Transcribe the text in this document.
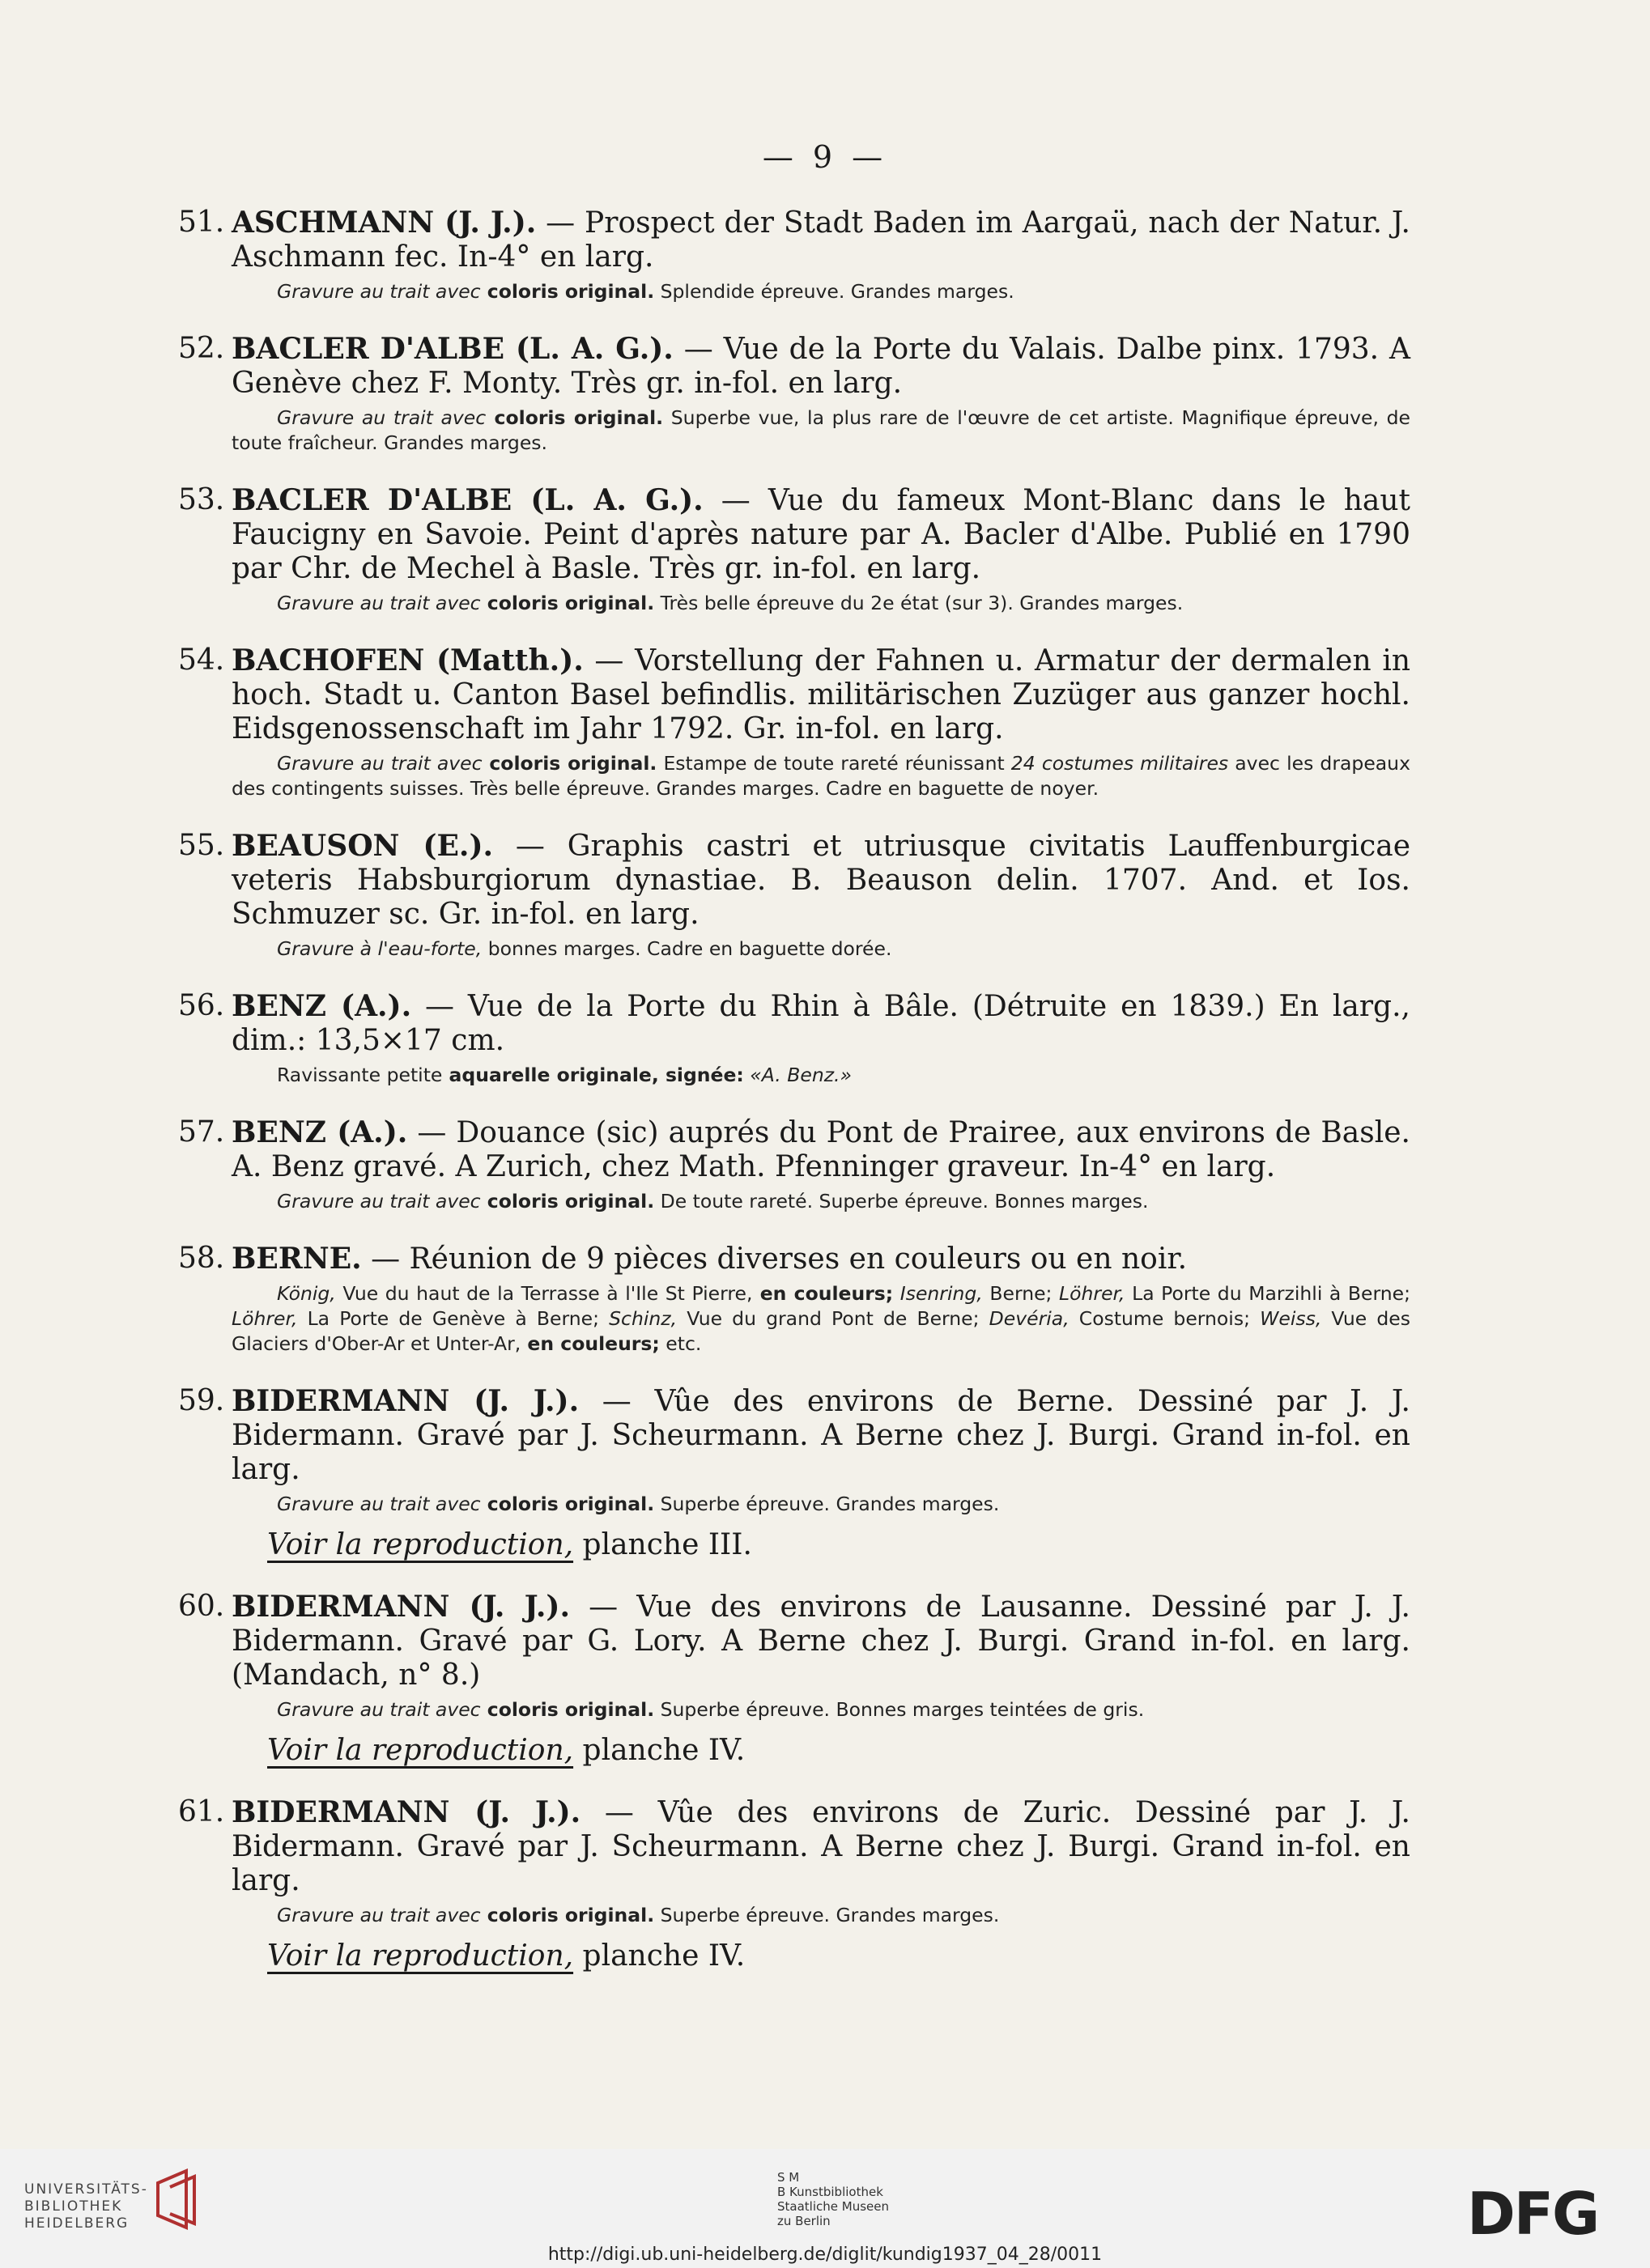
— 9 —
51. ASCHMANN (J. J.). — Prospect der Stadt Baden im Aargaü, nach der Natur. J. Aschmann fec. In-4° en larg.
Gravure au trait avec coloris original. Splendide épreuve. Grandes marges.
52. BACLER D'ALBE (L. A. G.). — Vue de la Porte du Valais. Dalbe pinx. 1793. A Genève chez F. Monty. Très gr. in-fol. en larg.
Gravure au trait avec coloris original. Superbe vue, la plus rare de l'œuvre de cet artiste. Magnifique épreuve, de toute fraîcheur. Grandes marges.
53. BACLER D'ALBE (L. A. G.). — Vue du fameux Mont-Blanc dans le haut Faucigny en Savoie. Peint d'après nature par A. Bacler d'Albe. Publié en 1790 par Chr. de Mechel à Basle. Très gr. in-fol. en larg.
Gravure au trait avec coloris original. Très belle épreuve du 2e état (sur 3). Grandes marges.
54. BACHOFEN (Matth.). — Vorstellung der Fahnen u. Armatur der dermalen in hoch. Stadt u. Canton Basel befindlis. militärischen Zuzüger aus ganzer hochl. Eidsgenossenschaft im Jahr 1792. Gr. in-fol. en larg.
Gravure au trait avec coloris original. Estampe de toute rareté réunissant 24 costumes militaires avec les drapeaux des contingents suisses. Très belle épreuve. Grandes marges. Cadre en baguette de noyer.
55. BEAUSON (E.). — Graphis castri et utriusque civitatis Lauffenburgicae veteris Habsburgiorum dynastiae. B. Beauson delin. 1707. And. et Ios. Schmuzer sc. Gr. in-fol. en larg.
Gravure à l'eau-forte, bonnes marges. Cadre en baguette dorée.
56. BENZ (A.). — Vue de la Porte du Rhin à Bâle. (Détruite en 1839.) En larg., dim.: 13,5×17 cm.
Ravissante petite aquarelle originale, signée: «A. Benz.»
57. BENZ (A.). — Douance (sic) auprés du Pont de Prairee, aux environs de Basle. A. Benz gravé. A Zurich, chez Math. Pfenninger graveur. In-4° en larg.
Gravure au trait avec coloris original. De toute rareté. Superbe épreuve. Bonnes marges.
58. BERNE. — Réunion de 9 pièces diverses en couleurs ou en noir.
König, Vue du haut de la Terrasse à l'Ile St Pierre, en couleurs; Isenring, Berne; Löhrer, La Porte du Marzihli à Berne; Löhrer, La Porte de Genève à Berne; Schinz, Vue du grand Pont de Berne; Devéria, Costume bernois; Weiss, Vue des Glaciers d'Ober-Ar et Unter-Ar, en couleurs; etc.
59. BIDERMANN (J. J.). — Vûe des environs de Berne. Dessiné par J. J. Bidermann. Gravé par J. Scheurmann. A Berne chez J. Burgi. Grand in-fol. en larg.
Gravure au trait avec coloris original. Superbe épreuve. Grandes marges.
Voir la reproduction, planche III.
60. BIDERMANN (J. J.). — Vue des environs de Lausanne. Dessiné par J. J. Bidermann. Gravé par G. Lory. A Berne chez J. Burgi. Grand in-fol. en larg. (Mandach, n° 8.)
Gravure au trait avec coloris original. Superbe épreuve. Bonnes marges teintées de gris.
Voir la reproduction, planche IV.
61. BIDERMANN (J. J.). — Vûe des environs de Zuric. Dessiné par J. J. Bidermann. Gravé par J. Scheurmann. A Berne chez J. Burgi. Grand in-fol. en larg.
Gravure au trait avec coloris original. Superbe épreuve. Grandes marges.
Voir la reproduction, planche IV.
UNIVERSITÄTS-
BIBLIOTHEK
HEIDELBERG
S M
B Kunstbibliothek
Staatliche Museen
zu Berlin	DFG
http://digi.ub.uni-heidelberg.de/diglit/kundig1937_04_28/0011
